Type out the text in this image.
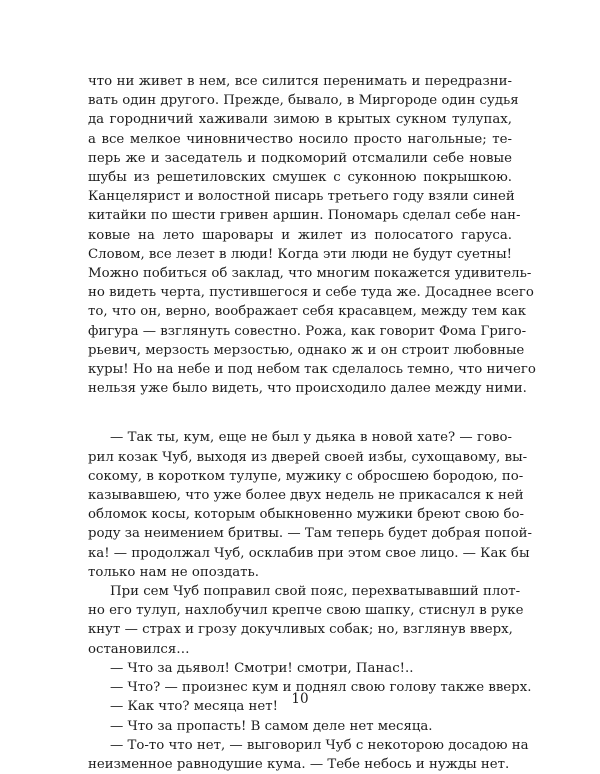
что ни живет в нем, все силится перенимать и передразни-
вать один другого. Прежде, бывало, в Миргороде один судья
да городничий хаживали зимою в крытых сукном тулупах,
а все мелкое чиновничество носило просто нагольные; те-
перь же и заседатель и подкоморий отсмалили себе новые
шубы из решетиловских смушек с суконною покрышкою.
Канцелярист и волостной писарь третьего году взяли синей
китайки по шести гривен аршин. Пономарь сделал себе нан-
ковые на лето шаровары и жилет из полосатого гаруса.
Словом, все лезет в люди! Когда эти люди не будут суетны!
Можно побиться об заклад, что многим покажется удивитель-
но видеть черта, пустившегося и себе туда же. Досаднее всего
то, что он, верно, воображает себя красавцем, между тем как
фигура — взглянуть совестно. Рожа, как говорит Фома Григо-
рьевич, мерзость мерзостью, однако ж и он строит любовные
куры! Но на небе и под небом так сделалось темно, что ничего
нельзя уже было видеть, что происходило далее между ними.

— Так ты, кум, еще не был у дьяка в новой хате? — гово-
рил козак Чуб, выходя из дверей своей избы, сухощавому, вы-
сокому, в коротком тулупе, мужику с обросшею бородою, по-
казывавшею, что уже более двух недель не прикасался к ней
обломок косы, которым обыкновенно мужики бреют свою бо-
роду за неимением бритвы. — Там теперь будет добрая попой-
ка! — продолжал Чуб, осклабив при этом свое лицо. — Как бы
только нам не опоздать.

При сем Чуб поправил свой пояс, перехватывавший плот-
но его тулуп, нахлобучил крепче свою шапку, стиснул в руке
кнут — страх и грозу докучливых собак; но, взглянув вверх,
остановился…

— Что за дьявол! Смотри! смотри, Панас!..

— Что? — произнес кум и поднял свою голову также вверх.

— Как что? месяца нет!

— Что за пропасть! В самом деле нет месяца.

— То-то что нет, — выговорил Чуб с некоторою досадою на
неизменное равнодушие кума. — Тебе небось и нужды нет.

10
